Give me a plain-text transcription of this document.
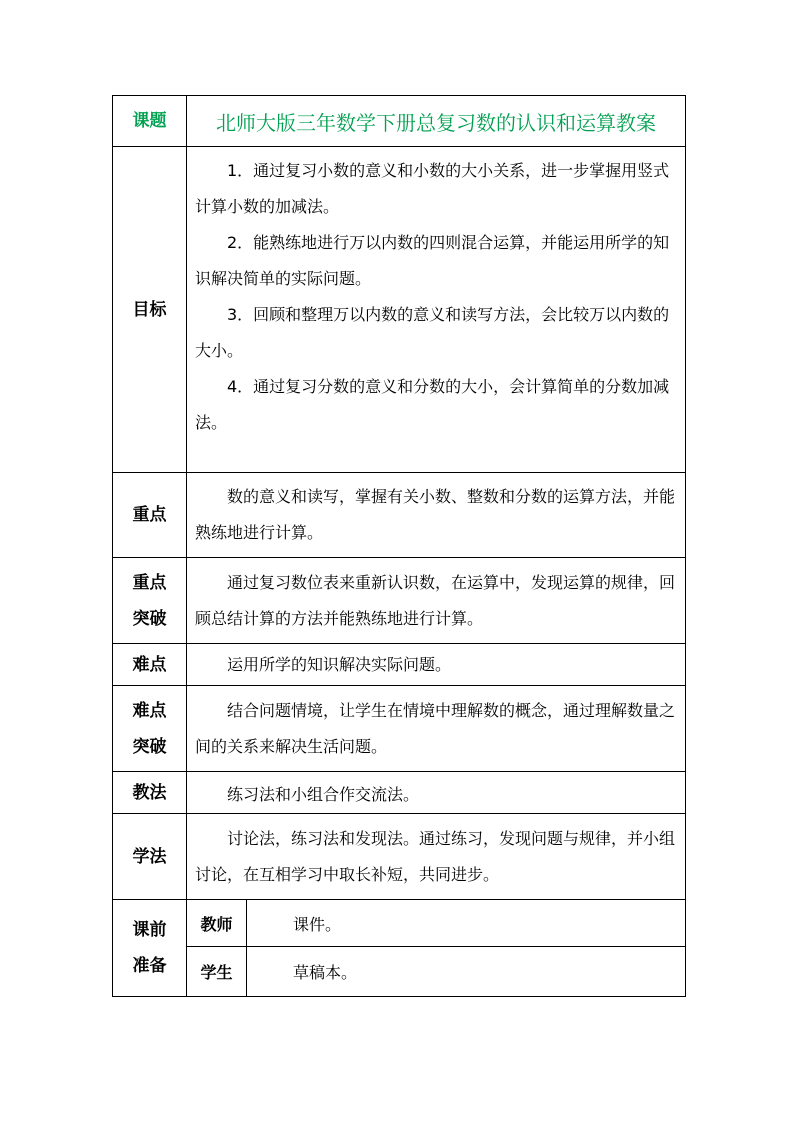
课题	北师大版三年数学下册总复习数的认识和运算教案	
目标	1．通过复习小数的意义和小数的大小关系，进一步掌握用竖式计算小数的加减法。

2．能熟练地进行万以内数的四则混合运算，并能运用所学的知识解决简单的实际问题。

3．回顾和整理万以内数的意义和读写方法，会比较万以内数的大小。

4．通过复习分数的意义和分数的大小，会计算简单的分数加减法。	

重点	数的意义和读写，掌握有关小数、整数和分数的运算方法，并能熟练地进行计算。	

重点
突破	通过复习数位表来重新认识数，在运算中，发现运算的规律，回顾总结计算的方法并能熟练地进行计算。	

难点	运用所学的知识解决实际问题。	

难点
突破	结合问题情境，让学生在情境中理解数的概念，通过理解数量之间的关系来解决生活问题。	

教法	练习法和小组合作交流法。	

学法	讨论法，练习法和发现法。通过练习，发现问题与规律，并小组讨论，在互相学习中取长补短，共同进步。	

课前
准备	教师	课件。
	学生	草稿本。
